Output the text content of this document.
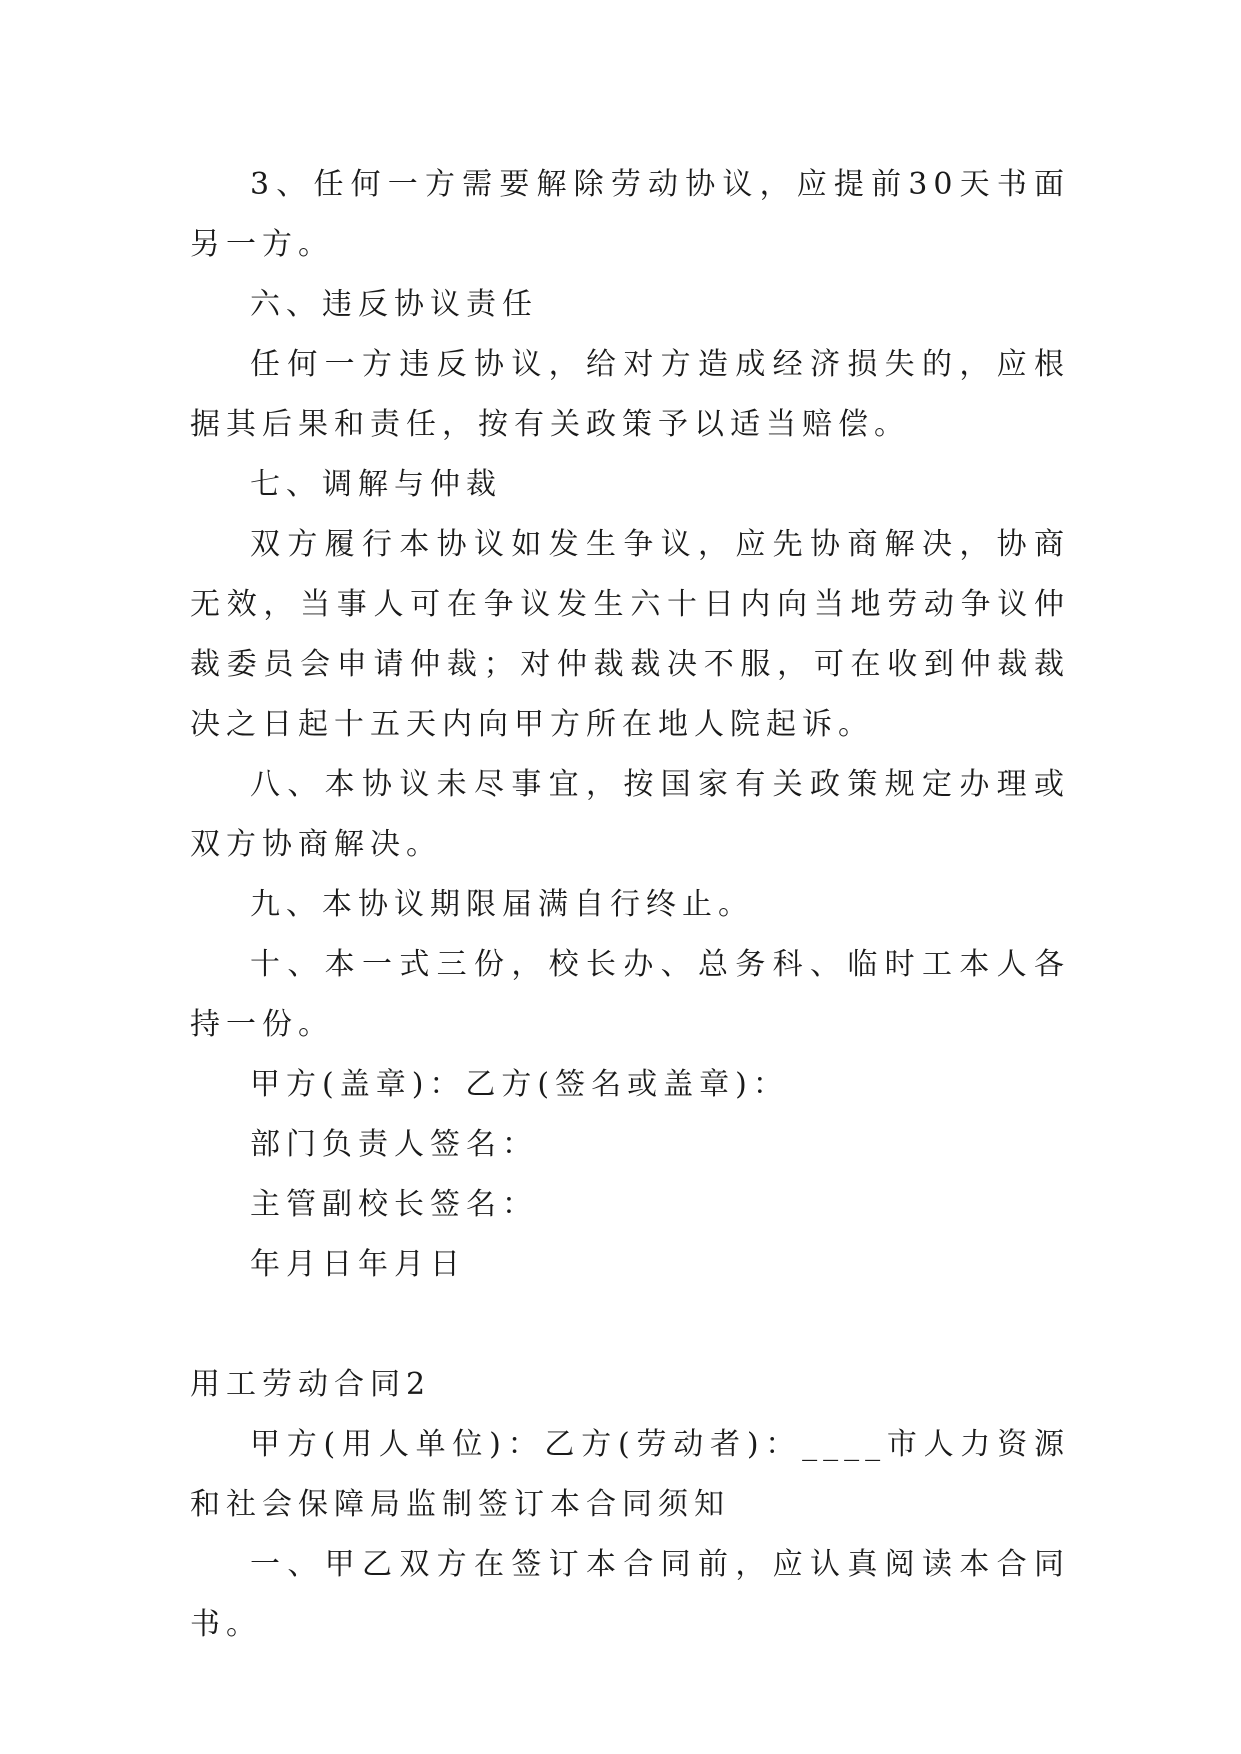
3、任何一方需要解除劳动协议，应提前30天书面另一方。

六、违反协议责任

任何一方违反协议，给对方造成经济损失的，应根据其后果和责任，按有关政策予以适当赔偿。

七、调解与仲裁

双方履行本协议如发生争议，应先协商解决，协商无效，当事人可在争议发生六十日内向当地劳动争议仲裁委员会申请仲裁；对仲裁裁决不服，可在收到仲裁裁决之日起十五天内向甲方所在地人院起诉。

八、本协议未尽事宜，按国家有关政策规定办理或双方协商解决。

九、本协议期限届满自行终止。

十、本一式三份，校长办、总务科、临时工本人各持一份。

甲方(盖章)：乙方(签名或盖章)：

部门负责人签名：

主管副校长签名：

年月日年月日

用工劳动合同2

甲方(用人单位)：乙方(劳动者)：____市人力资源和社会保障局监制签订本合同须知

一、甲乙双方在签订本合同前，应认真阅读本合同书。
